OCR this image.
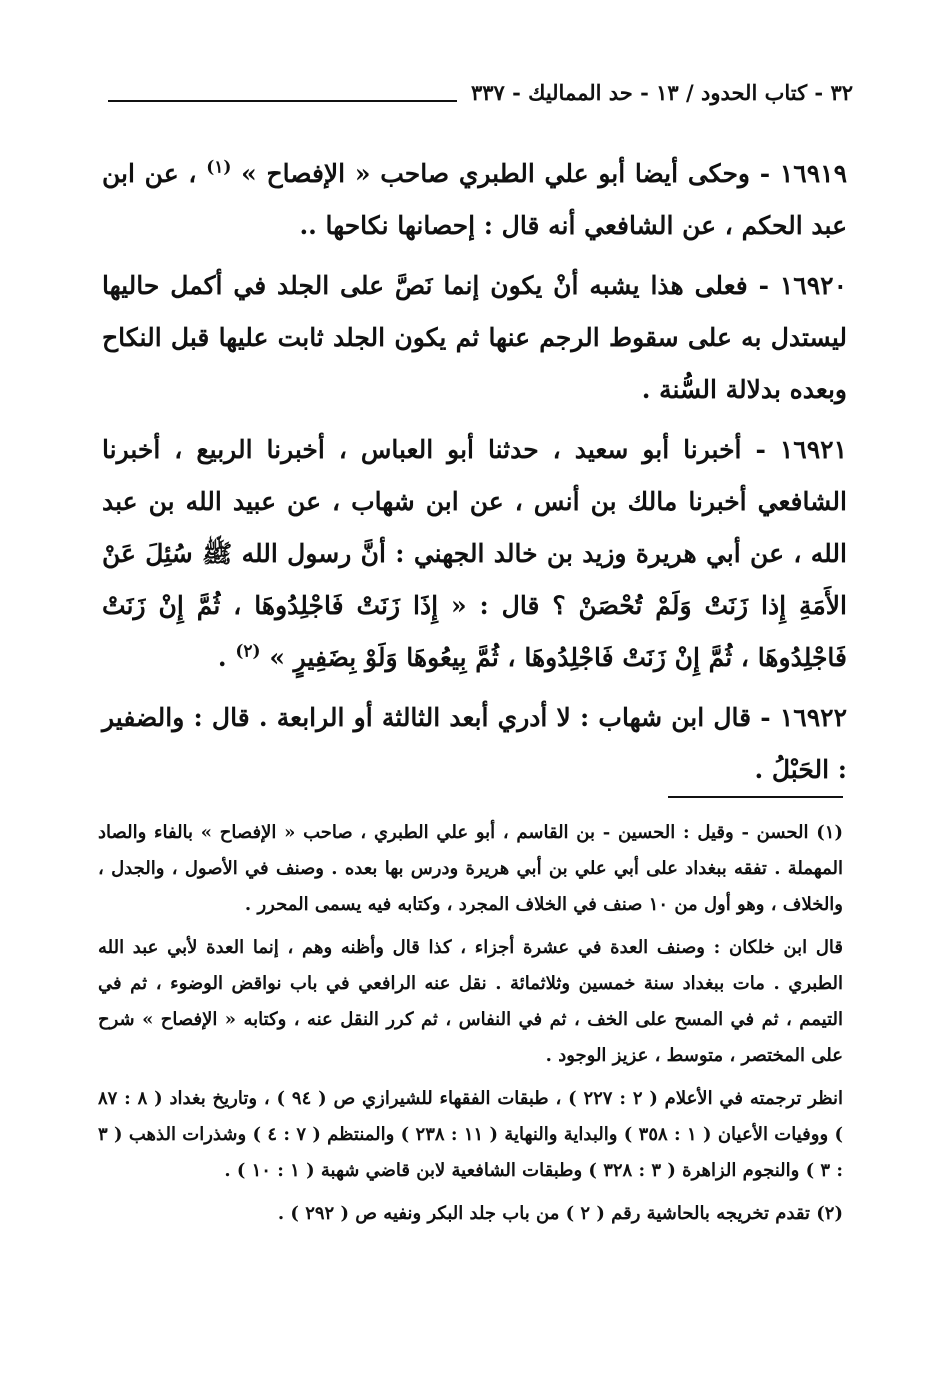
٣٢ - كتاب الحدود / ١٣ - حد المماليك - ٣٣٧

١٦٩١٩ - وحكى أيضا أبو علي الطبري صاحب « الإفصاح » $^{(١)}$ ، عن ابن عبد الحكم ، عن الشافعي أنه قال : إحصانها نكاحها ..

١٦٩٢٠ - فعلى هذا يشبه أنْ يكون إنما نَصَّ على الجلد في أكمل حاليها ليستدل به على سقوط الرجم عنها ثم يكون الجلد ثابت عليها قبل النكاح وبعده بدلالة السُّنة .

١٦٩٢١ - أخبرنا أبو سعيد ، حدثنا أبو العباس ، أخبرنا الربيع ، أخبرنا الشافعي أخبرنا مالك بن أنس ، عن ابن شهاب ، عن عبيد الله بن عبد الله ، عن أبي هريرة وزيد بن خالد الجهني : أنَّ رسول الله ﷺ سُئِلَ عَنْ الأَمَةِ إِذا زَنَتْ وَلَمْ تُحْصَنْ ؟ قال : « إِذَا زَنَتْ فَاجْلِدُوهَا ، ثُمَّ إِنْ زَنَتْ فَاجْلِدُوهَا ، ثُمَّ إِنْ زَنَتْ فَاجْلِدُوهَا ، ثُمَّ بِيعُوهَا وَلَوْ بِضَفِيرٍ » $^{(٢)}$ .

١٦٩٢٢ - قال ابن شهاب : لا أدري أبعد الثالثة أو الرابعة . قال : والضفير : الحَبْلُ .

(١) الحسن - وقيل : الحسين - بن القاسم ، أبو علي الطبري ، صاحب « الإفصاح » بالفاء والصاد المهملة . تفقه ببغداد على أبي علي بن أبي هريرة ودرس بها بعده . وصنف في الأصول ، والجدل ، والخلاف ، وهو أول من ١٠ صنف في الخلاف المجرد ، وكتابه فيه يسمى المحرر .

قال ابن خلكان : وصنف العدة في عشرة أجزاء ، كذا قال وأظنه وهم ، إنما العدة لأبي عبد الله الطبري . مات ببغداد سنة خمسين وثلاثمائة . نقل عنه الرافعي في باب نواقض الوضوء ، ثم في التيمم ، ثم في المسح على الخف ، ثم في النفاس ، ثم كرر النقل عنه ، وكتابه « الإفصاح » شرح على المختصر ، متوسط ، عزيز الوجود .

انظر ترجمته في الأعلام ( ٢ : ٢٢٧ ) ، طبقات الفقهاء للشيرازي ص ( ٩٤ ) ، وتاريخ بغداد ( ٨ : ٨٧ ) ووفيات الأعيان ( ١ : ٣٥٨ ) والبداية والنهاية ( ١١ : ٢٣٨ ) والمنتظم ( ٧ : ٤ ) وشذرات الذهب ( ٣ : ٣ ) والنجوم الزاهرة ( ٣ : ٣٢٨ ) وطبقات الشافعية لابن قاضي شهبة ( ١ : ١٠ ) .

(٢) تقدم تخريجه بالحاشية رقم ( ٢ ) من باب جلد البكر ونفيه ص ( ٢٩٢ ) .
